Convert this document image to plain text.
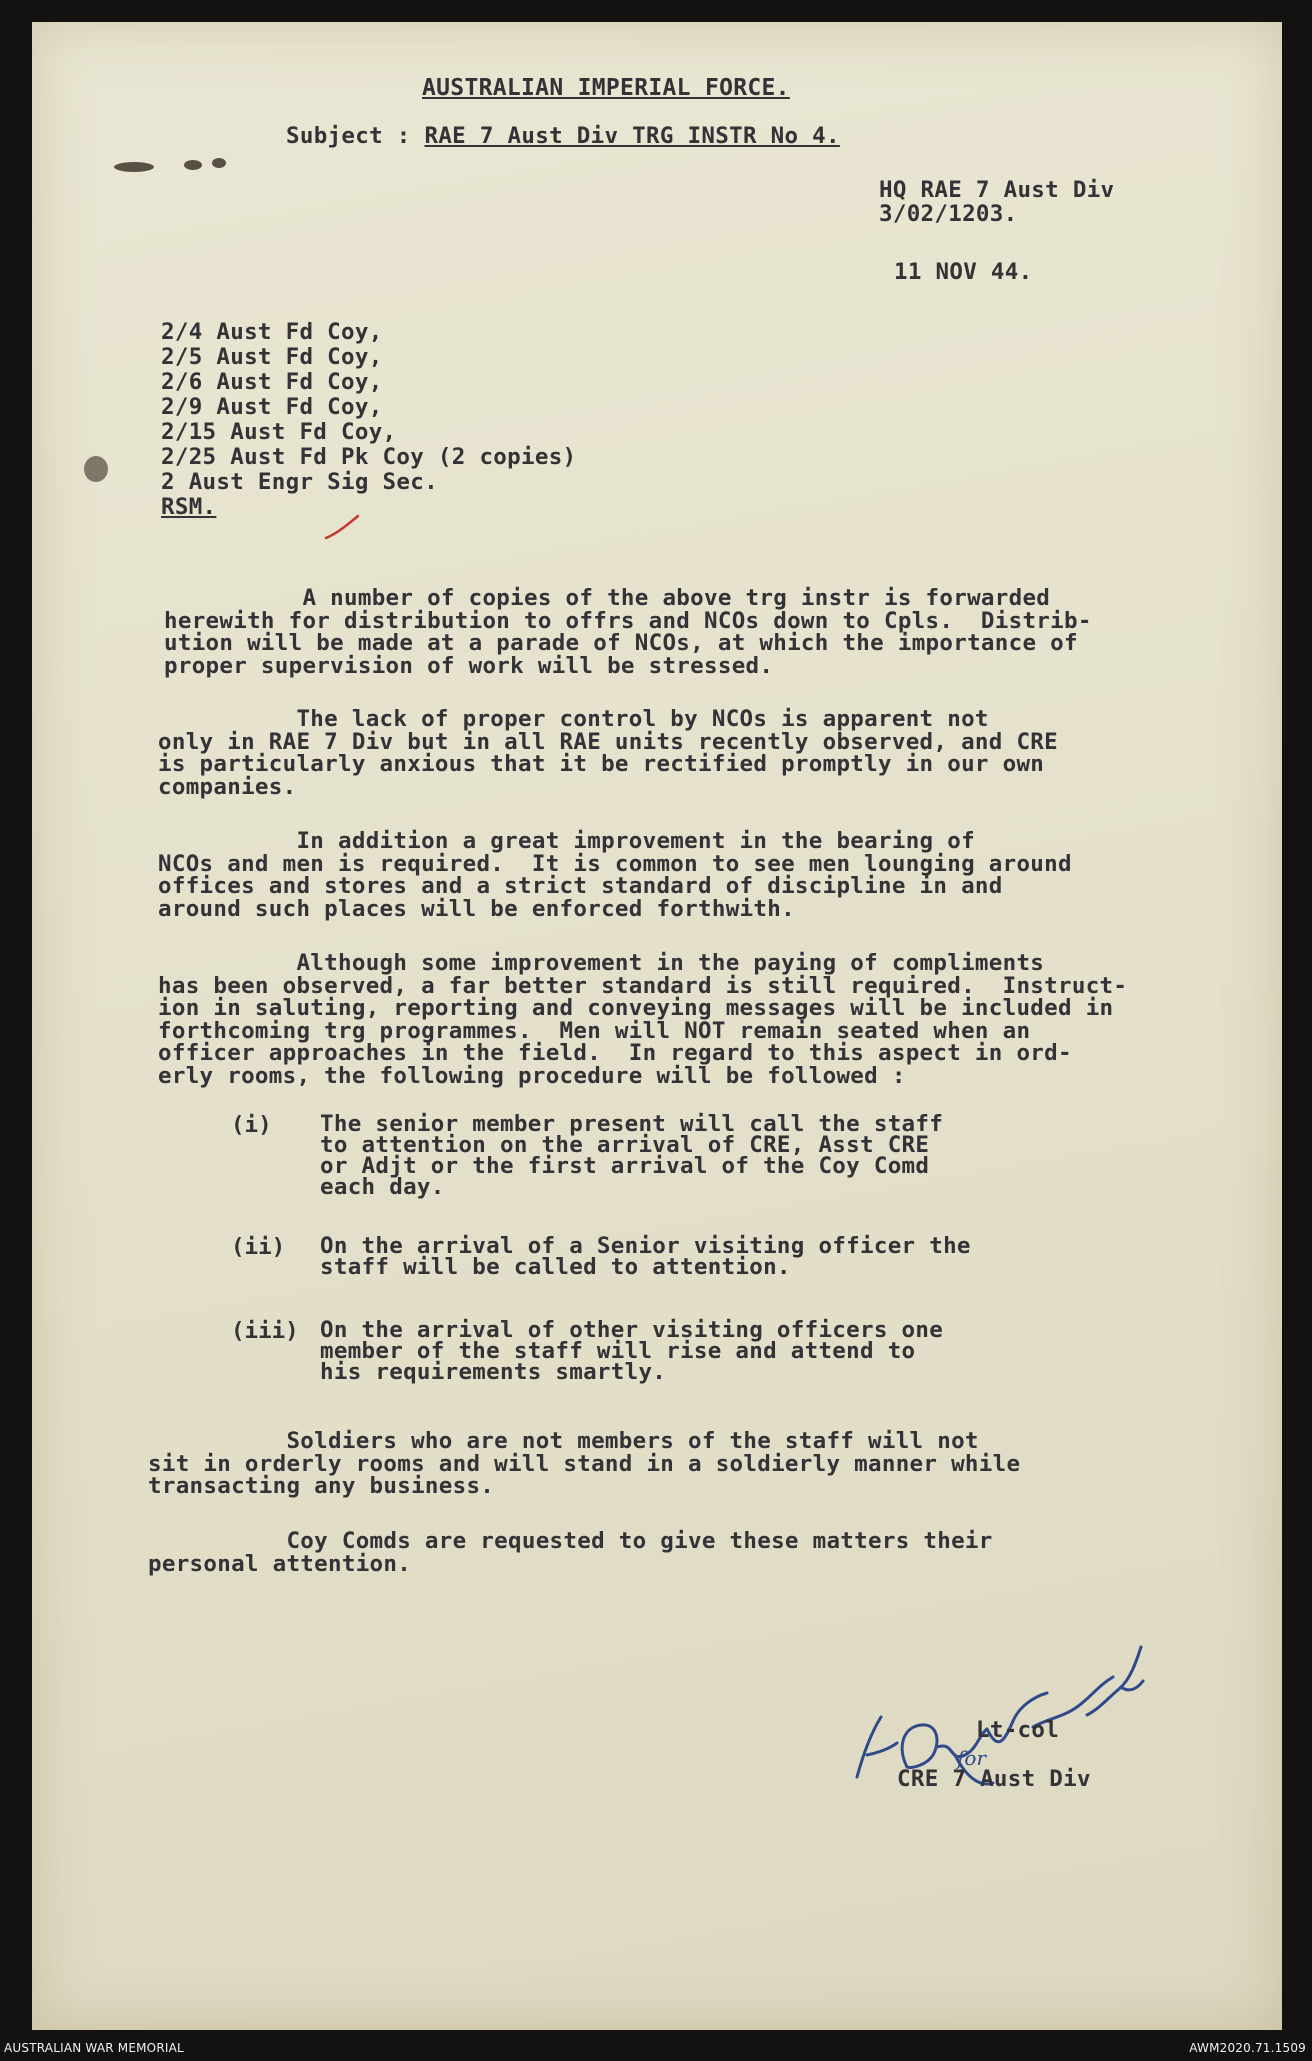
AUSTRALIAN IMPERIAL FORCE.
Subject : RAE 7 Aust Div TRG INSTR No 4.
HQ RAE 7 Aust Div
3/02/1203.
11 NOV 44.
2/4 Aust Fd Coy,
2/5 Aust Fd Coy,
2/6 Aust Fd Coy,
2/9 Aust Fd Coy,
2/15 Aust Fd Coy,
2/25 Aust Fd Pk Coy (2 copies)
2 Aust Engr Sig Sec.
RSM.
A number of copies of the above trg instr is forwarded
herewith for distribution to offrs and NCOs down to Cpls.  Distrib-
ution will be made at a parade of NCOs, at which the importance of
proper supervision of work will be stressed.
The lack of proper control by NCOs is apparent not
only in RAE 7 Div but in all RAE units recently observed, and CRE
is particularly anxious that it be rectified promptly in our own
companies.
In addition a great improvement in the bearing of
NCOs and men is required.  It is common to see men lounging around
offices and stores and a strict standard of discipline in and
around such places will be enforced forthwith.
Although some improvement in the paying of compliments
has been observed, a far better standard is still required.  Instruct-
ion in saluting, reporting and conveying messages will be included in
forthcoming trg programmes.  Men will NOT remain seated when an
officer approaches in the field.  In regard to this aspect in ord-
erly rooms, the following procedure will be followed :
(i) The senior member present will call the staff
to attention on the arrival of CRE, Asst CRE
or Adjt or the first arrival of the Coy Comd
each day.
(ii) On the arrival of a Senior visiting officer the
staff will be called to attention.
(iii) On the arrival of other visiting officers one
member of the staff will rise and attend to
his requirements smartly.
Soldiers who are not members of the staff will not
sit in orderly rooms and will stand in a soldierly manner while
transacting any business.
Coy Comds are requested to give these matters their
personal attention.
for
Lt-col
CRE 7 Aust Div
AUSTRALIAN WAR MEMORIAL	AWM2020.71.1509
